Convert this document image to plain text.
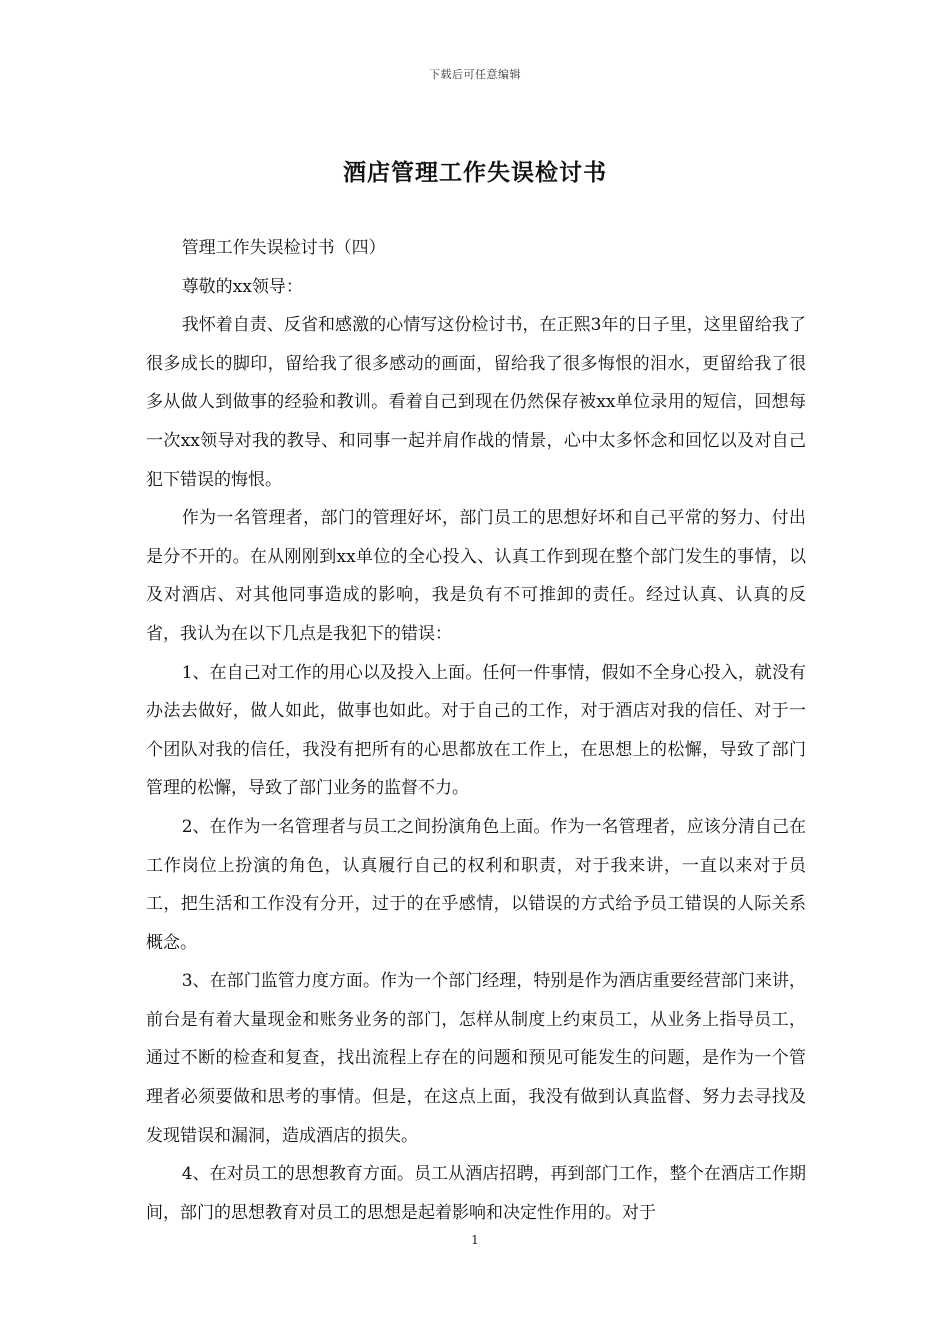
下载后可任意编辑
酒店管理工作失误检讨书

管理工作失误检讨书（四）

尊敬的xx领导：

我怀着自责、反省和感激的心情写这份检讨书，在正熙3年的日子里，这里留给我了很多成长的脚印，留给我了很多感动的画面，留给我了很多悔恨的泪水，更留给我了很多从做人到做事的经验和教训。看着自己到现在仍然保存被xx单位录用的短信，回想每一次xx领导对我的教导、和同事一起并肩作战的情景，心中太多怀念和回忆以及对自己犯下错误的悔恨。

作为一名管理者，部门的管理好坏，部门员工的思想好坏和自己平常的努力、付出是分不开的。在从刚刚到xx单位的全心投入、认真工作到现在整个部门发生的事情，以及对酒店、对其他同事造成的影响，我是负有不可推卸的责任。经过认真、认真的反省，我认为在以下几点是我犯下的错误：

1、在自己对工作的用心以及投入上面。任何一件事情，假如不全身心投入，就没有办法去做好，做人如此，做事也如此。对于自己的工作，对于酒店对我的信任、对于一个团队对我的信任，我没有把所有的心思都放在工作上，在思想上的松懈，导致了部门管理的松懈，导致了部门业务的监督不力。

2、在作为一名管理者与员工之间扮演角色上面。作为一名管理者，应该分清自己在工作岗位上扮演的角色，认真履行自己的权利和职责，对于我来讲，一直以来对于员工，把生活和工作没有分开，过于的在乎感情，以错误的方式给予员工错误的人际关系概念。

3、在部门监管力度方面。作为一个部门经理，特别是作为酒店重要经营部门来讲，前台是有着大量现金和账务业务的部门，怎样从制度上约束员工，从业务上指导员工，通过不断的检查和复查，找出流程上存在的问题和预见可能发生的问题，是作为一个管理者必须要做和思考的事情。但是，在这点上面，我没有做到认真监督、努力去寻找及发现错误和漏洞，造成酒店的损失。

4、在对员工的思想教育方面。员工从酒店招聘，再到部门工作，整个在酒店工作期间，部门的思想教育对员工的思想是起着影响和决定性作用的。对于

1
